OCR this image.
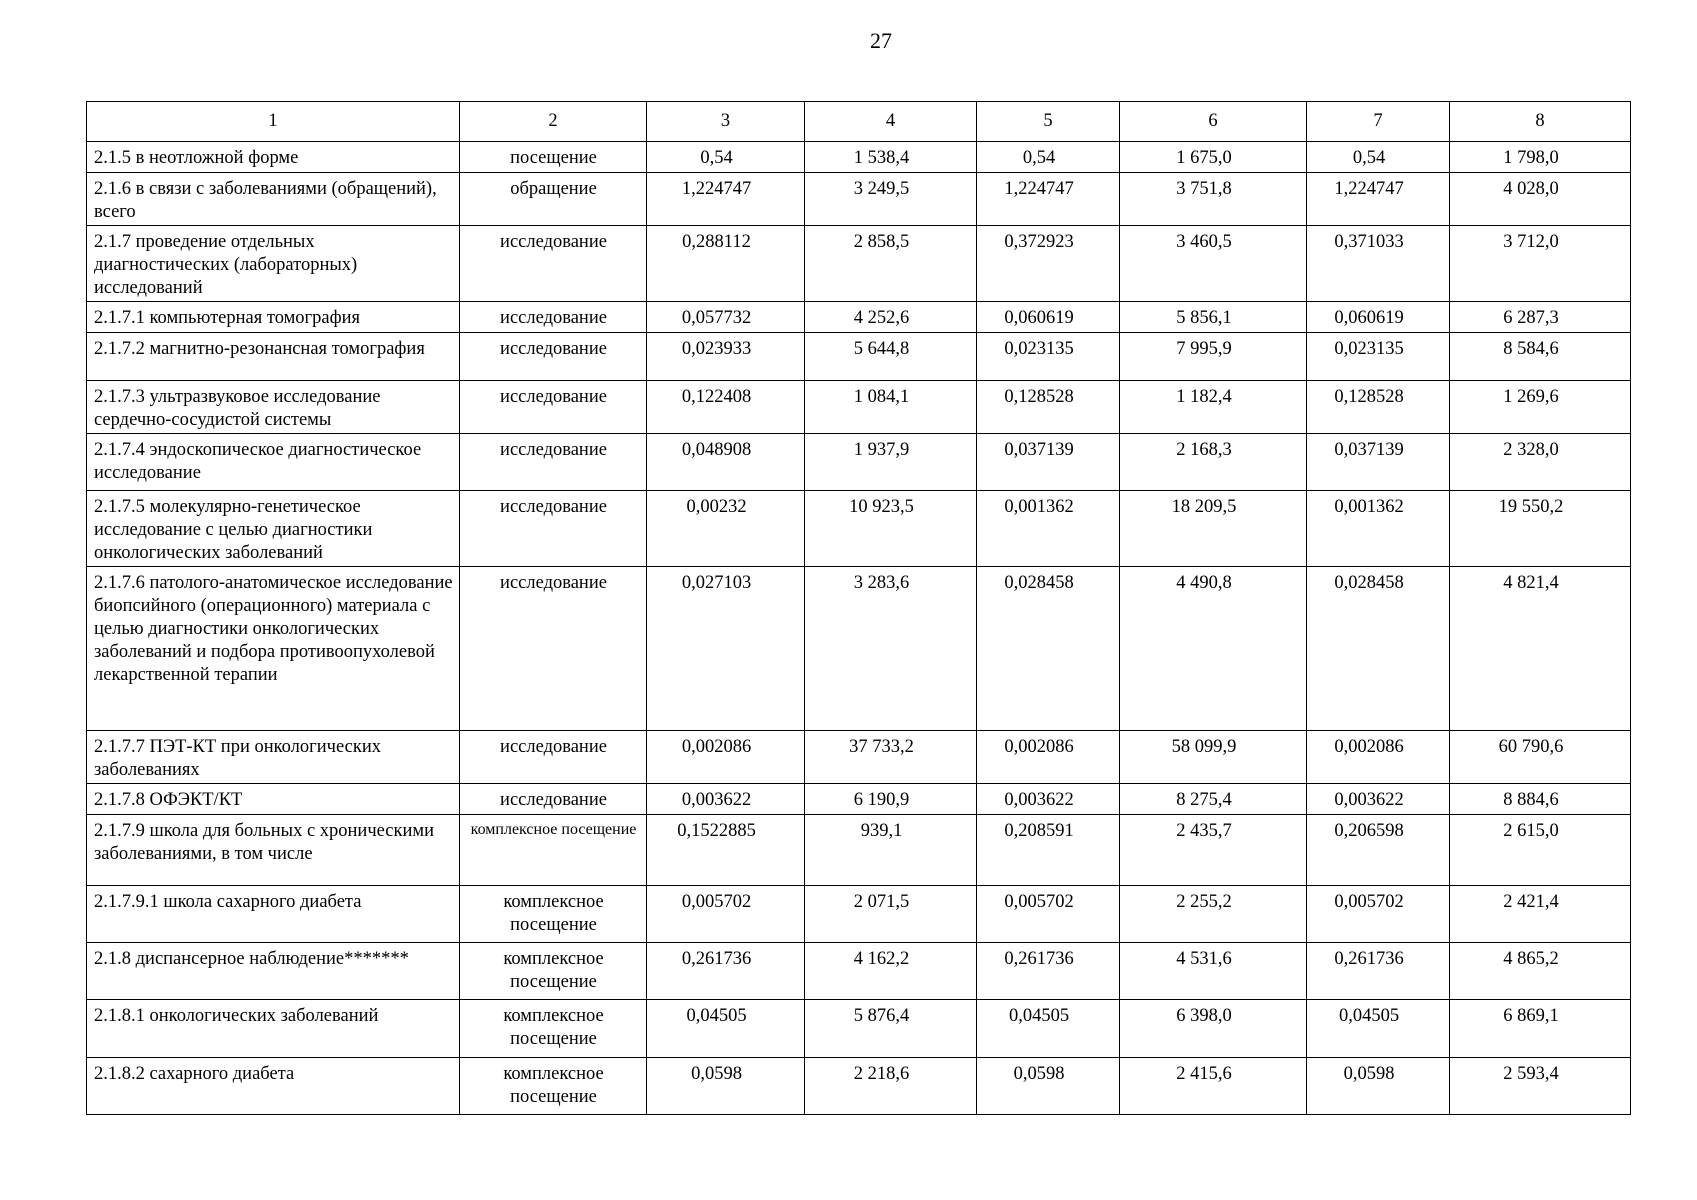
27
1	2	3	4	5	6	7	8
2.1.5 в неотложной форме	посещение	0,54	1 538,4	0,54	1 675,0	0,54	1 798,0
2.1.6 в связи с заболеваниями (обращений), всего	обращение	1,224747	3 249,5	1,224747	3 751,8	1,224747	4 028,0
2.1.7 проведение отдельных диагностических (лабораторных) исследований	исследование	0,288112	2 858,5	0,372923	3 460,5	0,371033	3 712,0
2.1.7.1 компьютерная томография	исследование	0,057732	4 252,6	0,060619	5 856,1	0,060619	6 287,3
2.1.7.2 магнитно-резонансная томография	исследование	0,023933	5 644,8	0,023135	7 995,9	0,023135	8 584,6
2.1.7.3 ультразвуковое исследование сердечно-сосудистой системы	исследование	0,122408	1 084,1	0,128528	1 182,4	0,128528	1 269,6
2.1.7.4 эндоскопическое диагностическое исследование	исследование	0,048908	1 937,9	0,037139	2 168,3	0,037139	2 328,0
2.1.7.5 молекулярно-генетическое исследование с целью диагностики онкологических заболеваний	исследование	0,00232	10 923,5	0,001362	18 209,5	0,001362	19 550,2
2.1.7.6 патолого-анатомическое исследование биопсийного (операционного) материала с целью диагностики онкологических заболеваний и подбора противоопухолевой лекарственной терапии	исследование	0,027103	3 283,6	0,028458	4 490,8	0,028458	4 821,4
2.1.7.7 ПЭТ-КТ при онкологических заболеваниях	исследование	0,002086	37 733,2	0,002086	58 099,9	0,002086	60 790,6
2.1.7.8 ОФЭКТ/КТ	исследование	0,003622	6 190,9	0,003622	8 275,4	0,003622	8 884,6
2.1.7.9 школа для больных с хроническими заболеваниями, в том числе	комплексное посещение	0,1522885	939,1	0,208591	2 435,7	0,206598	2 615,0
2.1.7.9.1 школа сахарного диабета	комплексное посещение	0,005702	2 071,5	0,005702	2 255,2	0,005702	2 421,4
2.1.8 диспансерное наблюдение*******	комплексное посещение	0,261736	4 162,2	0,261736	4 531,6	0,261736	4 865,2
2.1.8.1 онкологических заболеваний	комплексное посещение	0,04505	5 876,4	0,04505	6 398,0	0,04505	6 869,1
2.1.8.2 сахарного диабета	комплексное посещение	0,0598	2 218,6	0,0598	2 415,6	0,0598	2 593,4
